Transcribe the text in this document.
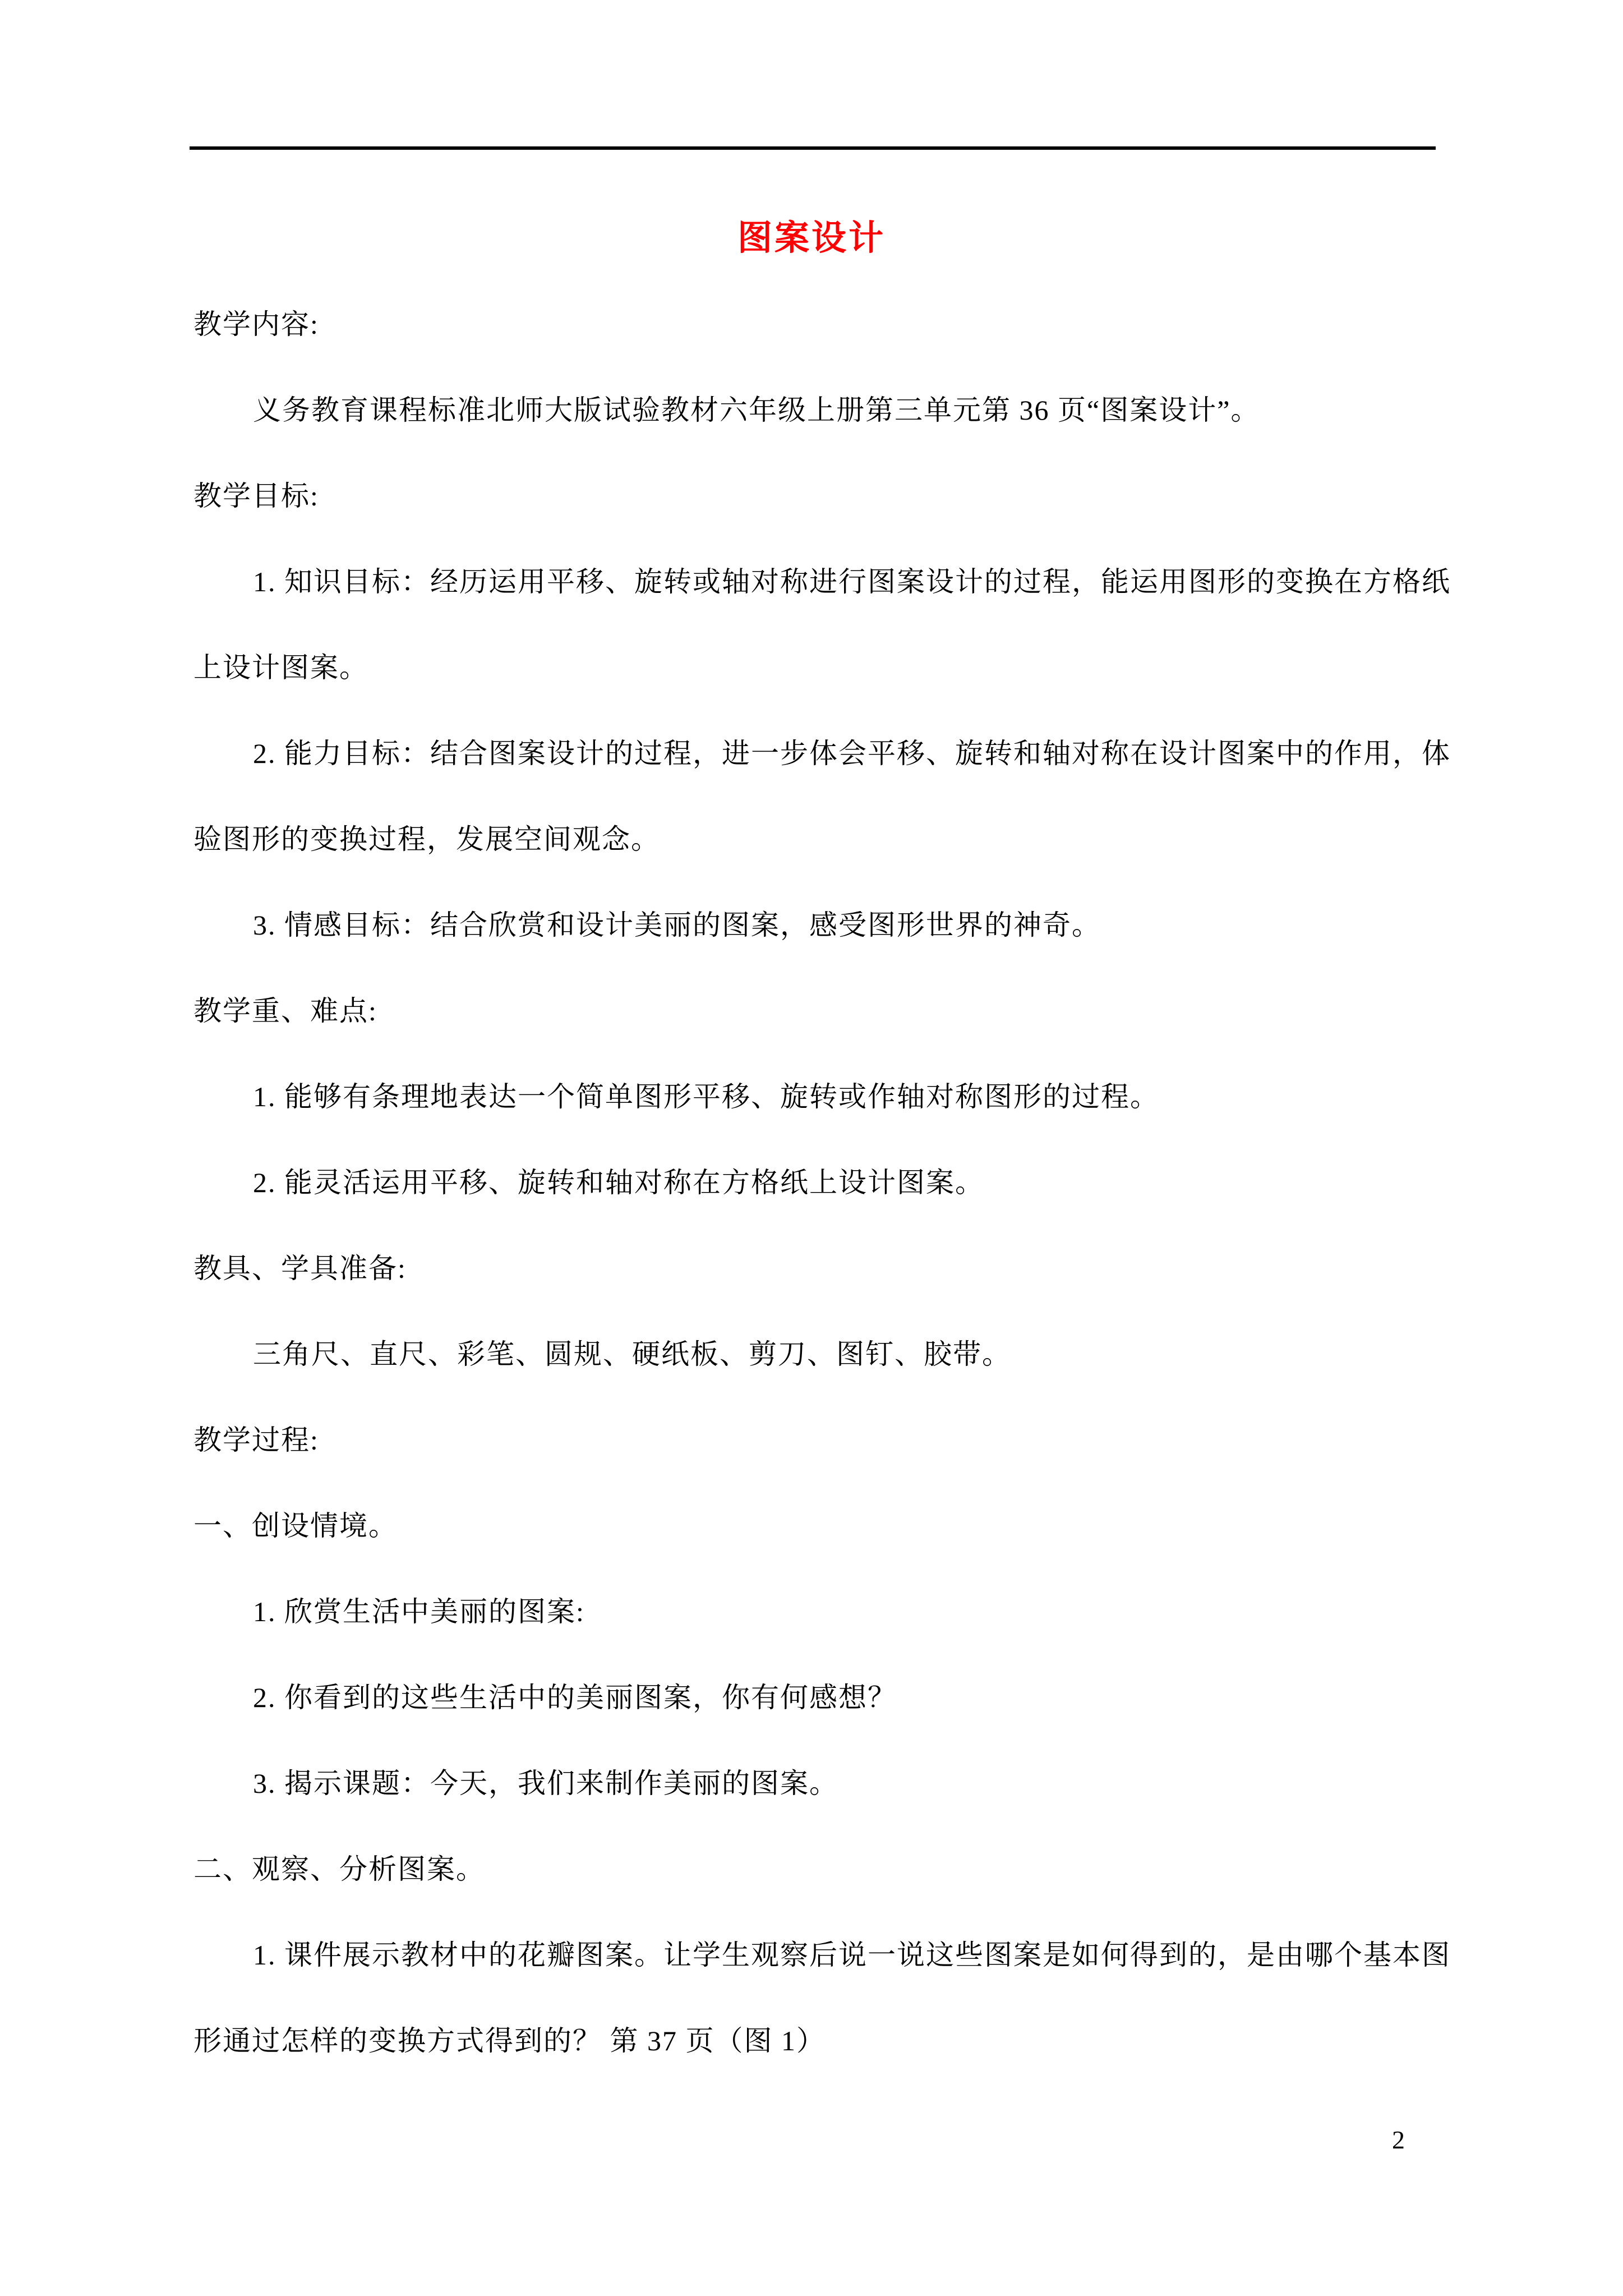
图案设计
教学内容:
义务教育课程标准北师大版试验教材六年级上册第三单元第 36 页“图案设计”。
教学目标:
1. 知识目标：经历运用平移、旋转或轴对称进行图案设计的过程，能运用图形的变换在方格纸
上设计图案。
2. 能力目标：结合图案设计的过程，进一步体会平移、旋转和轴对称在设计图案中的作用，体
验图形的变换过程，发展空间观念。
3. 情感目标：结合欣赏和设计美丽的图案，感受图形世界的神奇。
教学重、难点:
1. 能够有条理地表达一个简单图形平移、旋转或作轴对称图形的过程。
2. 能灵活运用平移、旋转和轴对称在方格纸上设计图案。
教具、学具准备:
三角尺、直尺、彩笔、圆规、硬纸板、剪刀、图钉、胶带。
教学过程:
一、创设情境。
1. 欣赏生活中美丽的图案:
2. 你看到的这些生活中的美丽图案，你有何感想？
3. 揭示课题：今天，我们来制作美丽的图案。
二、观察、分析图案。
1. 课件展示教材中的花瓣图案。让学生观察后说一说这些图案是如何得到的，是由哪个基本图
形通过怎样的变换方式得到的？ 第 37 页（图 1）
2
